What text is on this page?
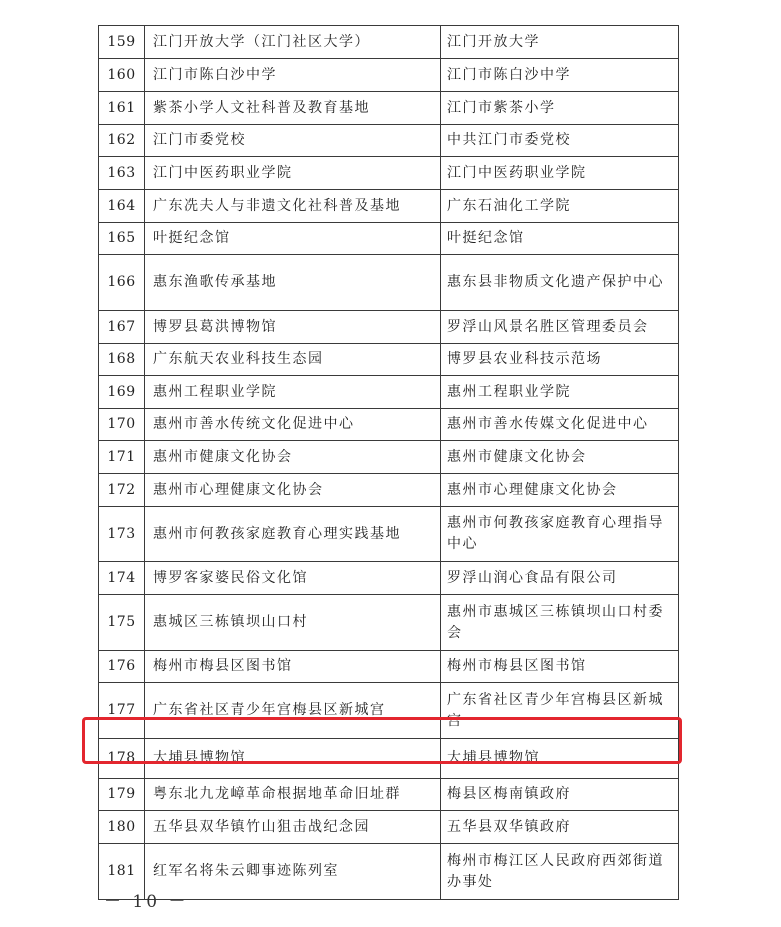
159	江门开放大学（江门社区大学）	江门开放大学
160	江门市陈白沙中学	江门市陈白沙中学
161	紫茶小学人文社科普及教育基地	江门市紫茶小学
162	江门市委党校	中共江门市委党校
163	江门中医药职业学院	江门中医药职业学院
164	广东冼夫人与非遗文化社科普及基地	广东石油化工学院
165	叶挺纪念馆	叶挺纪念馆
166	惠东渔歌传承基地	惠东县非物质文化遗产保护中心
167	博罗县葛洪博物馆	罗浮山风景名胜区管理委员会
168	广东航天农业科技生态园	博罗县农业科技示范场
169	惠州工程职业学院	惠州工程职业学院
170	惠州市善水传统文化促进中心	惠州市善水传媒文化促进中心
171	惠州市健康文化协会	惠州市健康文化协会
172	惠州市心理健康文化协会	惠州市心理健康文化协会
173	惠州市何教孩家庭教育心理实践基地	惠州市何教孩家庭教育心理指导中心
174	博罗客家婆民俗文化馆	罗浮山润心食品有限公司
175	惠城区三栋镇坝山口村	惠州市惠城区三栋镇坝山口村委会
176	梅州市梅县区图书馆	梅州市梅县区图书馆
177	广东省社区青少年宫梅县区新城宫	广东省社区青少年宫梅县区新城宫
178	大埔县博物馆	大埔县博物馆
179	粤东北九龙嶂革命根据地革命旧址群	梅县区梅南镇政府
180	五华县双华镇竹山狙击战纪念园	五华县双华镇政府
181	红军名将朱云卿事迹陈列室	梅州市梅江区人民政府西郊街道办事处
－ 10 －
